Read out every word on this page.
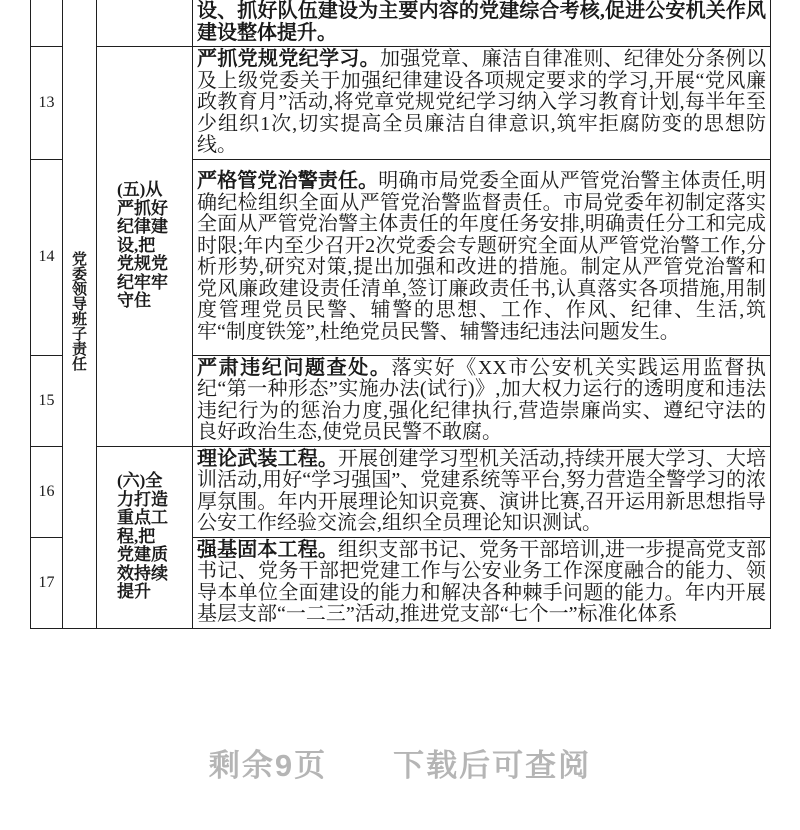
	党委领导班子责任		设、抓好队伍建设为主要内容的党建综合考核,促进公安机关作风建设整体提升。
13		(五)从严抓好纪律建设,把党规党纪牢牢守住	严抓党规党纪学习。加强党章、廉洁自律准则、纪律处分条例以及上级党委关于加强纪律建设各项规定要求的学习,开展“党风廉政教育月”活动,将党章党规党纪学习纳入学习教育计划,每半年至少组织1次,切实提高全员廉洁自律意识,筑牢拒腐防变的思想防线。
14			严格管党治警责任。明确市局党委全面从严管党治警主体责任,明确纪检组织全面从严管党治警监督责任。市局党委年初制定落实全面从严管党治警主体责任的年度任务安排,明确责任分工和完成时限;年内至少召开2次党委会专题研究全面从严管党治警工作,分析形势,研究对策,提出加强和改进的措施。制定从严管党治警和党风廉政建设责任清单,签订廉政责任书,认真落实各项措施,用制度管理党员民警、辅警的思想、工作、作风、纪律、生活,筑牢“制度铁笼”,杜绝党员民警、辅警违纪违法问题发生。
15			严肃违纪问题查处。落实好《XX市公安机关实践运用监督执纪“第一种形态”实施办法(试行)》,加大权力运行的透明度和违法违纪行为的惩治力度,强化纪律执行,营造崇廉尚实、遵纪守法的良好政治生态,使党员民警不敢腐。
16		(六)全力打造重点工程,把党建质效持续提升	理论武装工程。开展创建学习型机关活动,持续开展大学习、大培训活动,用好“学习强国”、党建系统等平台,努力营造全警学习的浓厚氛围。年内开展理论知识竞赛、演讲比赛,召开运用新思想指导公安工作经验交流会,组织全员理论知识测试。
17			强基固本工程。组织支部书记、党务干部培训,进一步提高党支部书记、党务干部把党建工作与公安业务工作深度融合的能力、领导本单位全面建设的能力和解决各种棘手问题的能力。年内开展基层支部“一二三”活动,推进党支部“七个一”标准化体系
剩余9页　　下载后可查阅
